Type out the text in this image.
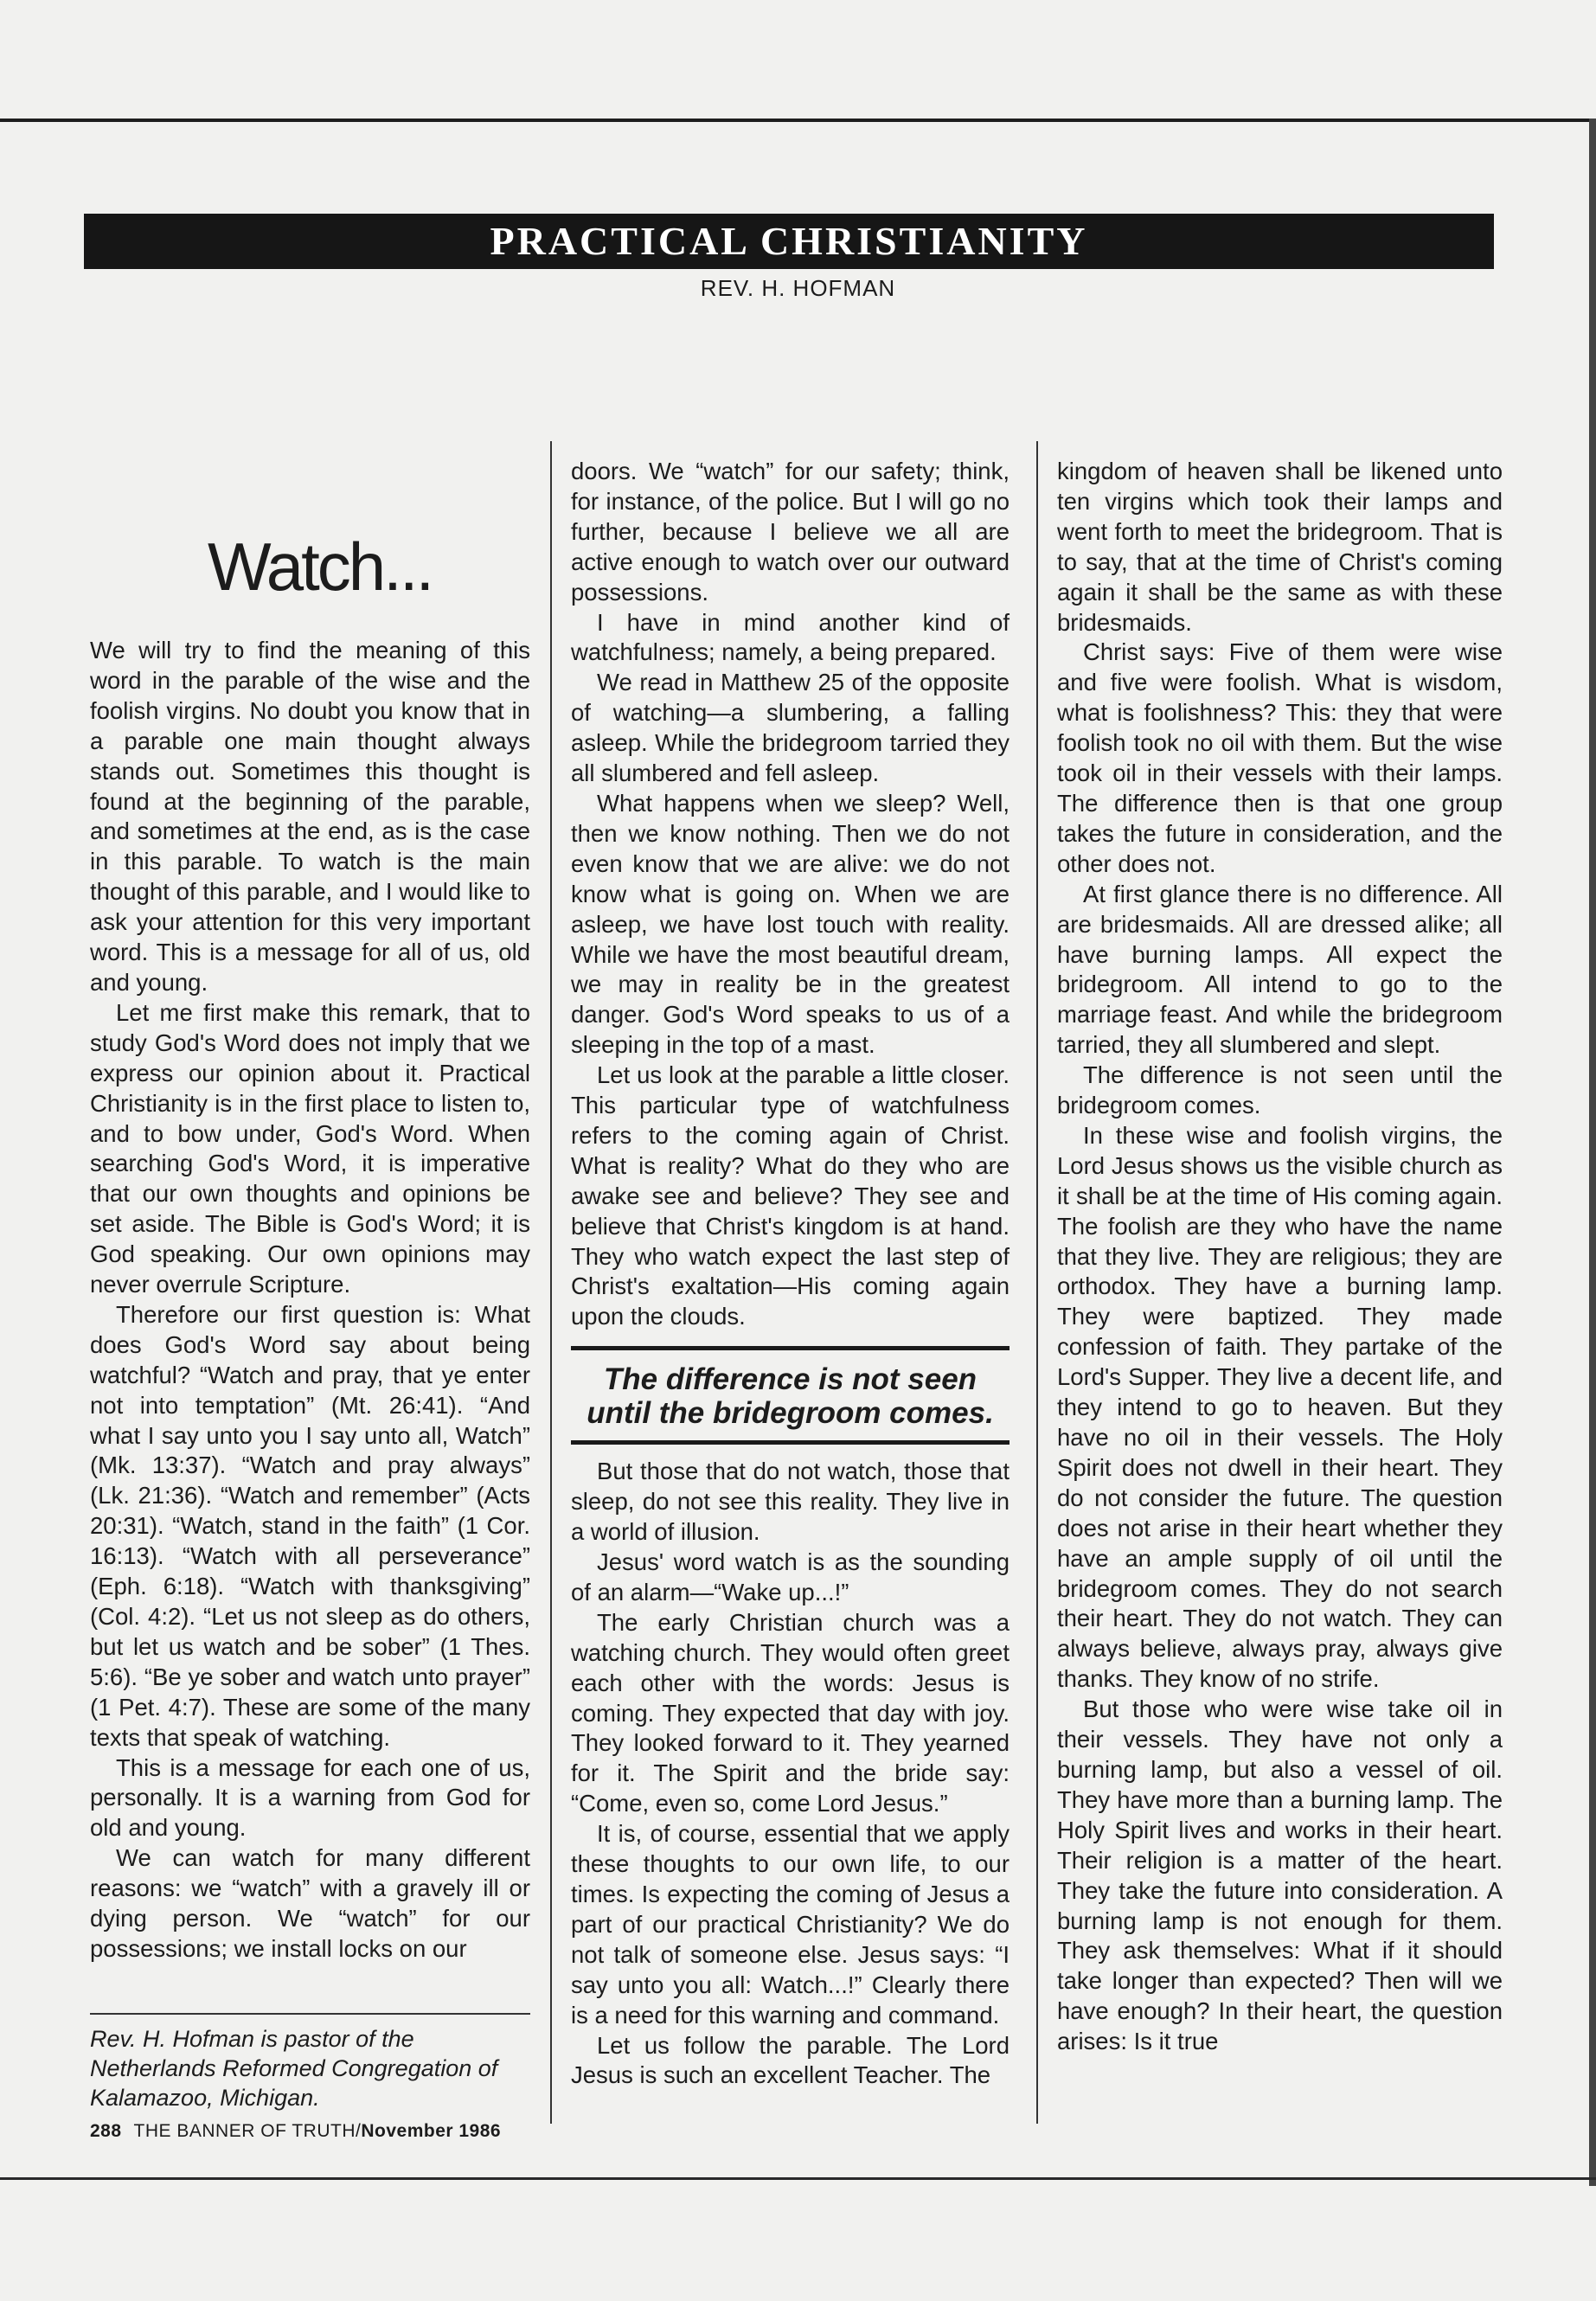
PRACTICAL CHRISTIANITY
REV. H. HOFMAN
Watch...

We will try to find the meaning of this word in the parable of the wise and the foolish virgins. No doubt you know that in a parable one main thought always stands out. Sometimes this thought is found at the beginning of the parable, and sometimes at the end, as is the case in this parable. To watch is the main thought of this parable, and I would like to ask your attention for this very important word. This is a message for all of us, old and young.

Let me first make this remark, that to study God's Word does not imply that we express our opinion about it. Practical Christianity is in the first place to listen to, and to bow under, God's Word. When searching God's Word, it is imperative that our own thoughts and opinions be set aside. The Bible is God's Word; it is God speaking. Our own opinions may never overrule Scripture.

Therefore our first question is: What does God's Word say about being watchful? “Watch and pray, that ye enter not into temptation” (Mt. 26:41). “And what I say unto you I say unto all, Watch” (Mk. 13:37). “Watch and pray always” (Lk. 21:36). “Watch and remember” (Acts 20:31). “Watch, stand in the faith” (1 Cor. 16:13). “Watch with all perseverance” (Eph. 6:18). “Watch with thanksgiving” (Col. 4:2). “Let us not sleep as do others, but let us watch and be sober” (1 Thes. 5:6). “Be ye sober and watch unto prayer” (1 Pet. 4:7). These are some of the many texts that speak of watching.

This is a message for each one of us, personally. It is a warning from God for old and young.

We can watch for many different reasons: we “watch” with a gravely ill or dying person. We “watch” for our possessions; we install locks on our

doors. We “watch” for our safety; think, for instance, of the police. But I will go no further, because I believe we all are active enough to watch over our outward possessions.

I have in mind another kind of watchfulness; namely, a being prepared.

We read in Matthew 25 of the opposite of watching—a slumbering, a falling asleep. While the bridegroom tarried they all slumbered and fell asleep.

What happens when we sleep? Well, then we know nothing. Then we do not even know that we are alive: we do not know what is going on. When we are asleep, we have lost touch with reality. While we have the most beautiful dream, we may in reality be in the greatest danger. God's Word speaks to us of a sleeping in the top of a mast.

Let us look at the parable a little closer. This particular type of watchfulness refers to the coming again of Christ. What is reality? What do they who are awake see and believe? They see and believe that Christ's kingdom is at hand. They who watch expect the last step of Christ's exaltation—His coming again upon the clouds.

The difference is not seen until the bridegroom comes.

But those that do not watch, those that sleep, do not see this reality. They live in a world of illusion.

Jesus' word watch is as the sounding of an alarm—“Wake up...!”

The early Christian church was a watching church. They would often greet each other with the words: Jesus is coming. They expected that day with joy. They looked forward to it. They yearned for it. The Spirit and the bride say: “Come, even so, come Lord Jesus.”

It is, of course, essential that we apply these thoughts to our own life, to our times. Is expecting the coming of Jesus a part of our practical Christianity? We do not talk of someone else. Jesus says: “I say unto you all: Watch...!” Clearly there is a need for this warning and command.

Let us follow the parable. The Lord Jesus is such an excellent Teacher. The

kingdom of heaven shall be likened unto ten virgins which took their lamps and went forth to meet the bridegroom. That is to say, that at the time of Christ's coming again it shall be the same as with these bridesmaids.

Christ says: Five of them were wise and five were foolish. What is wisdom, what is foolishness? This: they that were foolish took no oil with them. But the wise took oil in their vessels with their lamps. The difference then is that one group takes the future in consideration, and the other does not.

At first glance there is no difference. All are bridesmaids. All are dressed alike; all have burning lamps. All expect the bridegroom. All intend to go to the marriage feast. And while the bridegroom tarried, they all slumbered and slept.

The difference is not seen until the bridegroom comes.

In these wise and foolish virgins, the Lord Jesus shows us the visible church as it shall be at the time of His coming again. The foolish are they who have the name that they live. They are religious; they are orthodox. They have a burning lamp. They were baptized. They made confession of faith. They partake of the Lord's Supper. They live a decent life, and they intend to go to heaven. But they have no oil in their vessels. The Holy Spirit does not dwell in their heart. They do not consider the future. The question does not arise in their heart whether they have an ample supply of oil until the bridegroom comes. They do not search their heart. They do not watch. They can always believe, always pray, always give thanks. They know of no strife.

But those who were wise take oil in their vessels. They have not only a burning lamp, but also a vessel of oil. They have more than a burning lamp. The Holy Spirit lives and works in their heart. Their religion is a matter of the heart. They take the future into consideration. A burning lamp is not enough for them. They ask themselves: What if it should take longer than expected? Then will we have enough? In their heart, the question arises: Is it true

Rev. H. Hofman is pastor of the Netherlands Reformed Congregation of Kalamazoo, Michigan.
288 THE BANNER OF TRUTH/November 1986
